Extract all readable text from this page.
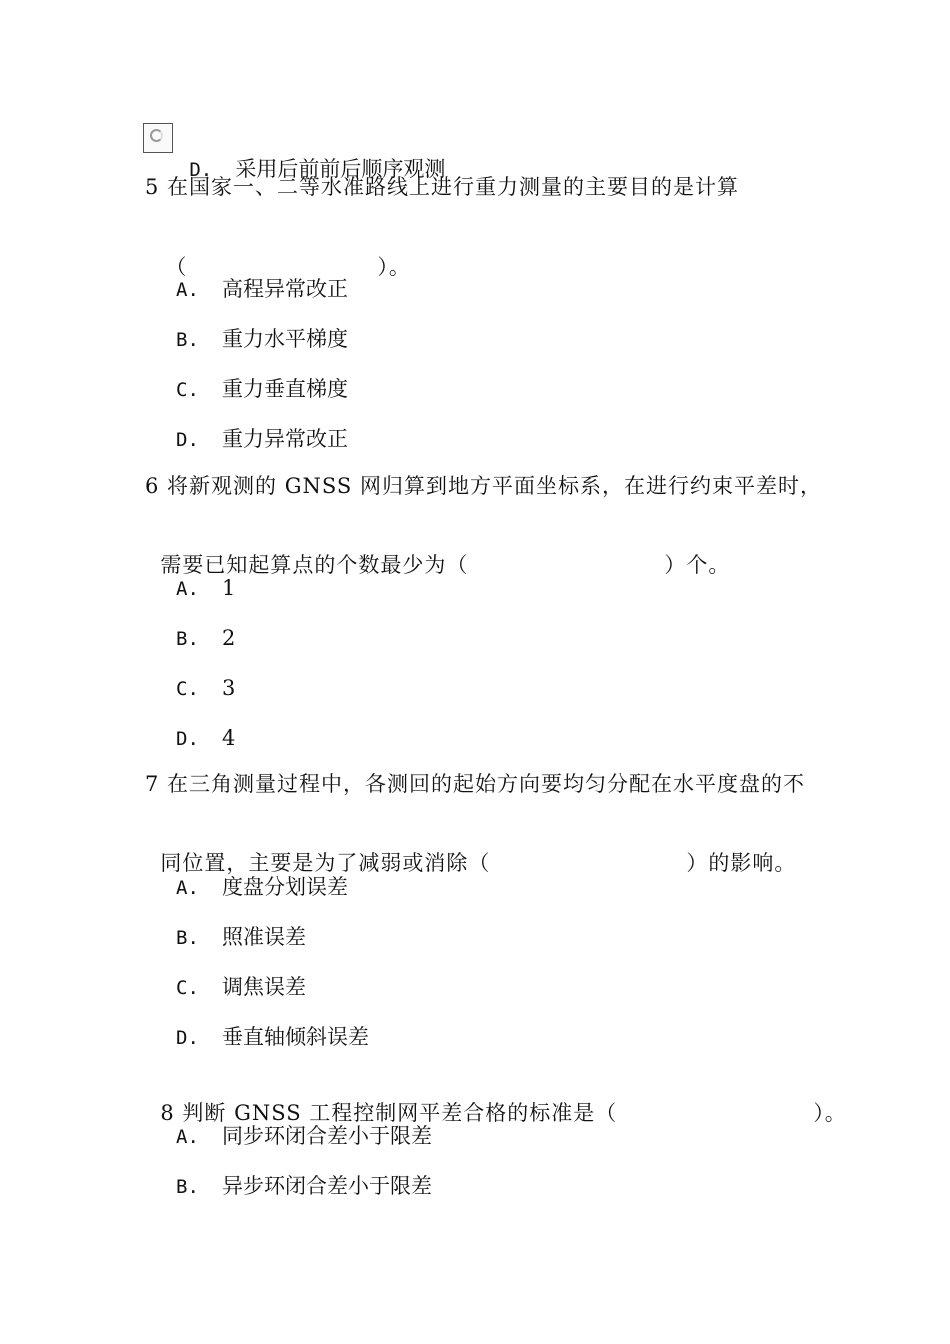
D. 采用后前前后顺序观测

5 在国家一、二等水准路线上进行重力测量的主要目的是计算

（	）。

A. 高程异常改正
B. 重力水平梯度
C. 重力垂直梯度
D. 重力异常改正
6 将新观测的 GNSS 网归算到地方平面坐标系，在进行约束平差时，

需要已知起算点的个数最少为（	）个。

A. 1
B. 2
C. 3
D. 4
7 在三角测量过程中，各测回的起始方向要均匀分配在水平度盘的不

同位置，主要是为了减弱或消除（	）的影响。

A. 度盘分划误差
B. 照准误差
C. 调焦误差
D. 垂直轴倾斜误差

8 判断 GNSS 工程控制网平差合格的标准是（	）。

A. 同步环闭合差小于限差
B. 异步环闭合差小于限差
